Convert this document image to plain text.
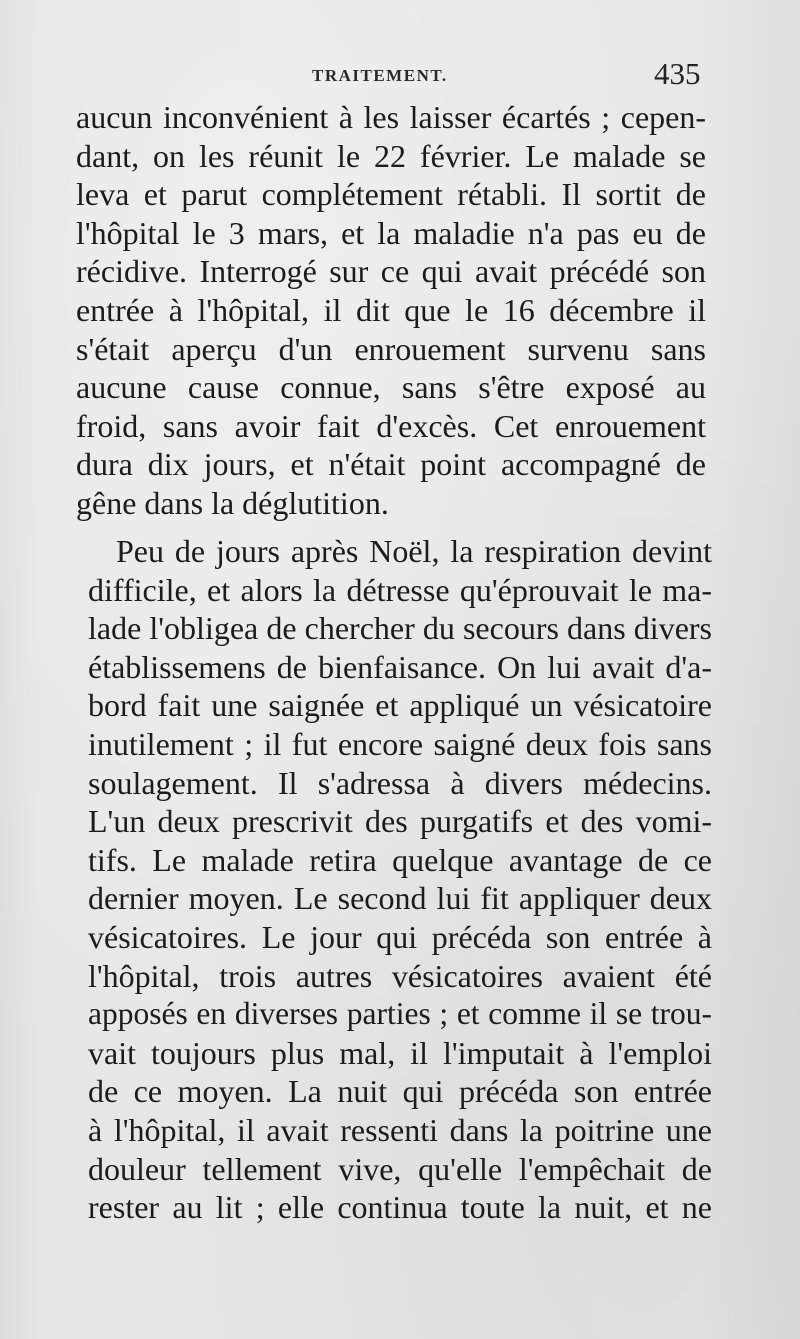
TRAITEMENT.	435
aucun inconvénient à les laisser écartés ; cepen-
dant, on les réunit le 22 février. Le malade se
leva et parut complétement rétabli. Il sortit de
l'hôpital le 3 mars, et la maladie n'a pas eu de
récidive. Interrogé sur ce qui avait précédé son
entrée à l'hôpital, il dit que le 16 décembre il
s'était aperçu d'un enrouement survenu sans
aucune cause connue, sans s'être exposé au
froid, sans avoir fait d'excès. Cet enrouement
dura dix jours, et n'était point accompagné de
gêne dans la déglutition.
Peu de jours après Noël, la respiration devint
difficile, et alors la détresse qu'éprouvait le ma-
lade l'obligea de chercher du secours dans divers
établissemens de bienfaisance. On lui avait d'a-
bord fait une saignée et appliqué un vésicatoire
inutilement ; il fut encore saigné deux fois sans
soulagement. Il s'adressa à divers médecins.
L'un deux prescrivit des purgatifs et des vomi-
tifs. Le malade retira quelque avantage de ce
dernier moyen. Le second lui fit appliquer deux
vésicatoires. Le jour qui précéda son entrée à
l'hôpital, trois autres vésicatoires avaient été
apposés en diverses parties ; et comme il se trou-
vait toujours plus mal, il l'imputait à l'emploi
de ce moyen. La nuit qui précéda son entrée
à l'hôpital, il avait ressenti dans la poitrine une
douleur tellement vive, qu'elle l'empêchait de
rester au lit ; elle continua toute la nuit, et ne
